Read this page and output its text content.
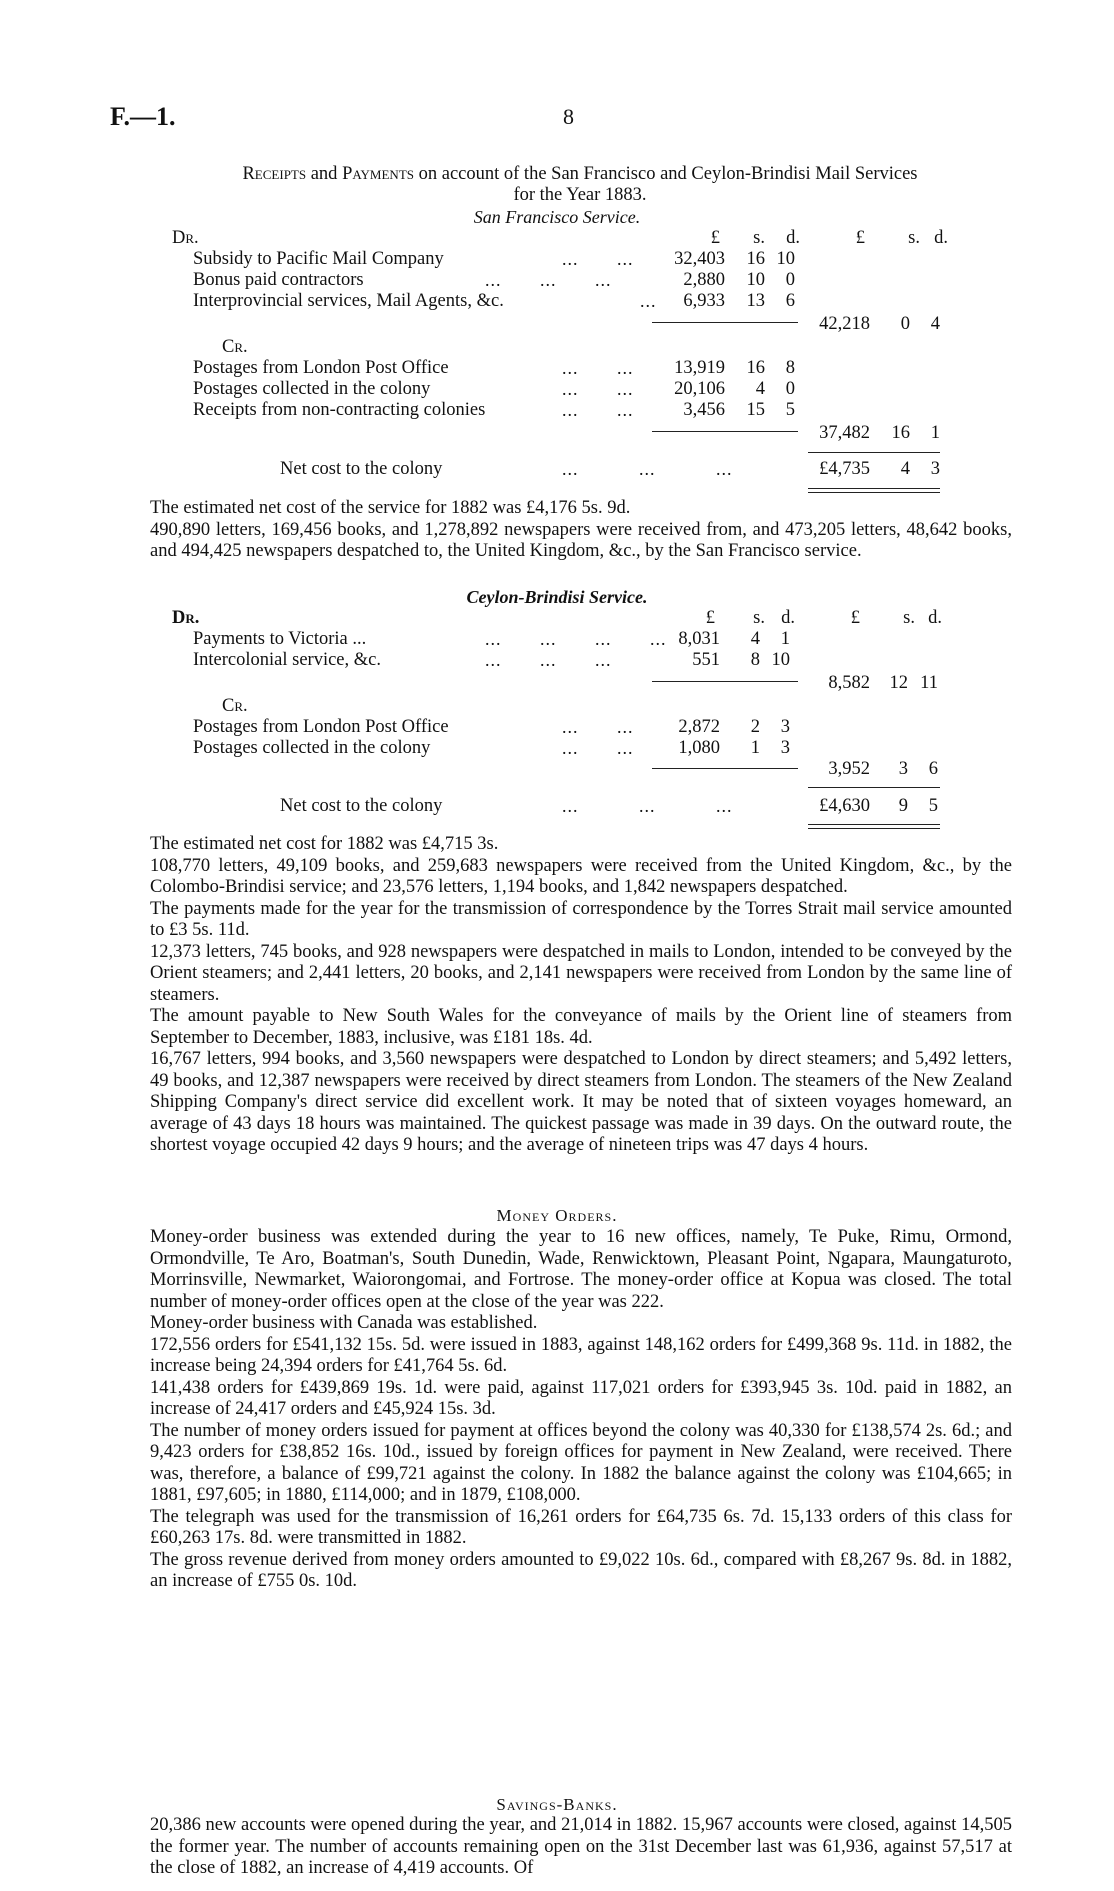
F.—1.	8
Receipts and Payments on account of the San Francisco and Ceylon-Brindisi Mail Services
for the Year 1883.
San Francisco Service.
Dr.	£	s.	d.	£	s. d.
Subsidy to Pacific Mail Company	...       ...	32,403	16 10
Bonus paid contractors	...       ...       ...	2,880	10	0
Interprovincial services, Mail Agents, &c.	...	6,933	13	6
42,218	0	4
Cr.
Postages from London Post Office	...       ...	13,919	16	8
Postages collected in the colony	...       ...	20,106	4	0
Receipts from non-contracting colonies	...       ...	3,456	15	5
37,482	16	1
Net cost to the colony	...           ...           ...	£4,735	4	3

The estimated net cost of the service for 1882 was £4,176 5s. 9d.

490,890 letters, 169,456 books, and 1,278,892 newspapers were received from, and 473,205 letters, 48,642 books, and 494,425 newspapers despatched to, the United Kingdom, &c., by the San Francisco service.

Ceylon-Brindisi Service.
Dr.	£	s. d.	£	s. d.
Payments to Victoria ...	...       ...       ...       ... 8,031	4	1
Intercolonial service, &c.	...       ...       ...	551	8 10
8,582	12 11
Cr.
Postages from London Post Office	...       ...	2,872	2	3
Postages collected in the colony	...       ...	1,080	1	3
3,952	3	6
Net cost to the colony	...           ...           ...	£4,630	9	5

The estimated net cost for 1882 was £4,715 3s.

108,770 letters, 49,109 books, and 259,683 newspapers were received from the United Kingdom, &c., by the Colombo-Brindisi service; and 23,576 letters, 1,194 books, and 1,842 newspapers despatched.

The payments made for the year for the transmission of correspondence by the Torres Strait mail service amounted to £3 5s. 11d.

12,373 letters, 745 books, and 928 newspapers were despatched in mails to London, intended to be conveyed by the Orient steamers; and 2,441 letters, 20 books, and 2,141 newspapers were received from London by the same line of steamers.

The amount payable to New South Wales for the conveyance of mails by the Orient line of steamers from September to December, 1883, inclusive, was £181 18s. 4d.

16,767 letters, 994 books, and 3,560 newspapers were despatched to London by direct steamers; and 5,492 letters, 49 books, and 12,387 newspapers were received by direct steamers from London. The steamers of the New Zealand Shipping Company's direct service did excellent work. It may be noted that of sixteen voyages homeward, an average of 43 days 18 hours was maintained. The quickest passage was made in 39 days. On the outward route, the shortest voyage occupied 42 days 9 hours; and the average of nineteen trips was 47 days 4 hours.

Money Orders.

Money-order business was extended during the year to 16 new offices, namely, Te Puke, Rimu, Ormond, Ormondville, Te Aro, Boatman's, South Dunedin, Wade, Renwicktown, Pleasant Point, Ngapara, Maungaturoto, Morrinsville, Newmarket, Waiorongomai, and Fortrose. The money-order office at Kopua was closed. The total number of money-order offices open at the close of the year was 222.

Money-order business with Canada was established.

172,556 orders for £541,132 15s. 5d. were issued in 1883, against 148,162 orders for £499,368 9s. 11d. in 1882, the increase being 24,394 orders for £41,764 5s. 6d.

141,438 orders for £439,869 19s. 1d. were paid, against 117,021 orders for £393,945 3s. 10d. paid in 1882, an increase of 24,417 orders and £45,924 15s. 3d.

The number of money orders issued for payment at offices beyond the colony was 40,330 for £138,574 2s. 6d.; and 9,423 orders for £38,852 16s. 10d., issued by foreign offices for payment in New Zealand, were received. There was, therefore, a balance of £99,721 against the colony. In 1882 the balance against the colony was £104,665; in 1881, £97,605; in 1880, £114,000; and in 1879, £108,000.

The telegraph was used for the transmission of 16,261 orders for £64,735 6s. 7d. 15,133 orders of this class for £60,263 17s. 8d. were transmitted in 1882.

The gross revenue derived from money orders amounted to £9,022 10s. 6d., compared with £8,267 9s. 8d. in 1882, an increase of £755 0s. 10d.

Savings-Banks.

20,386 new accounts were opened during the year, and 21,014 in 1882. 15,967 accounts were closed, against 14,505 the former year. The number of accounts remaining open on the 31st December last was 61,936, against 57,517 at the close of 1882, an increase of 4,419 accounts. Of
